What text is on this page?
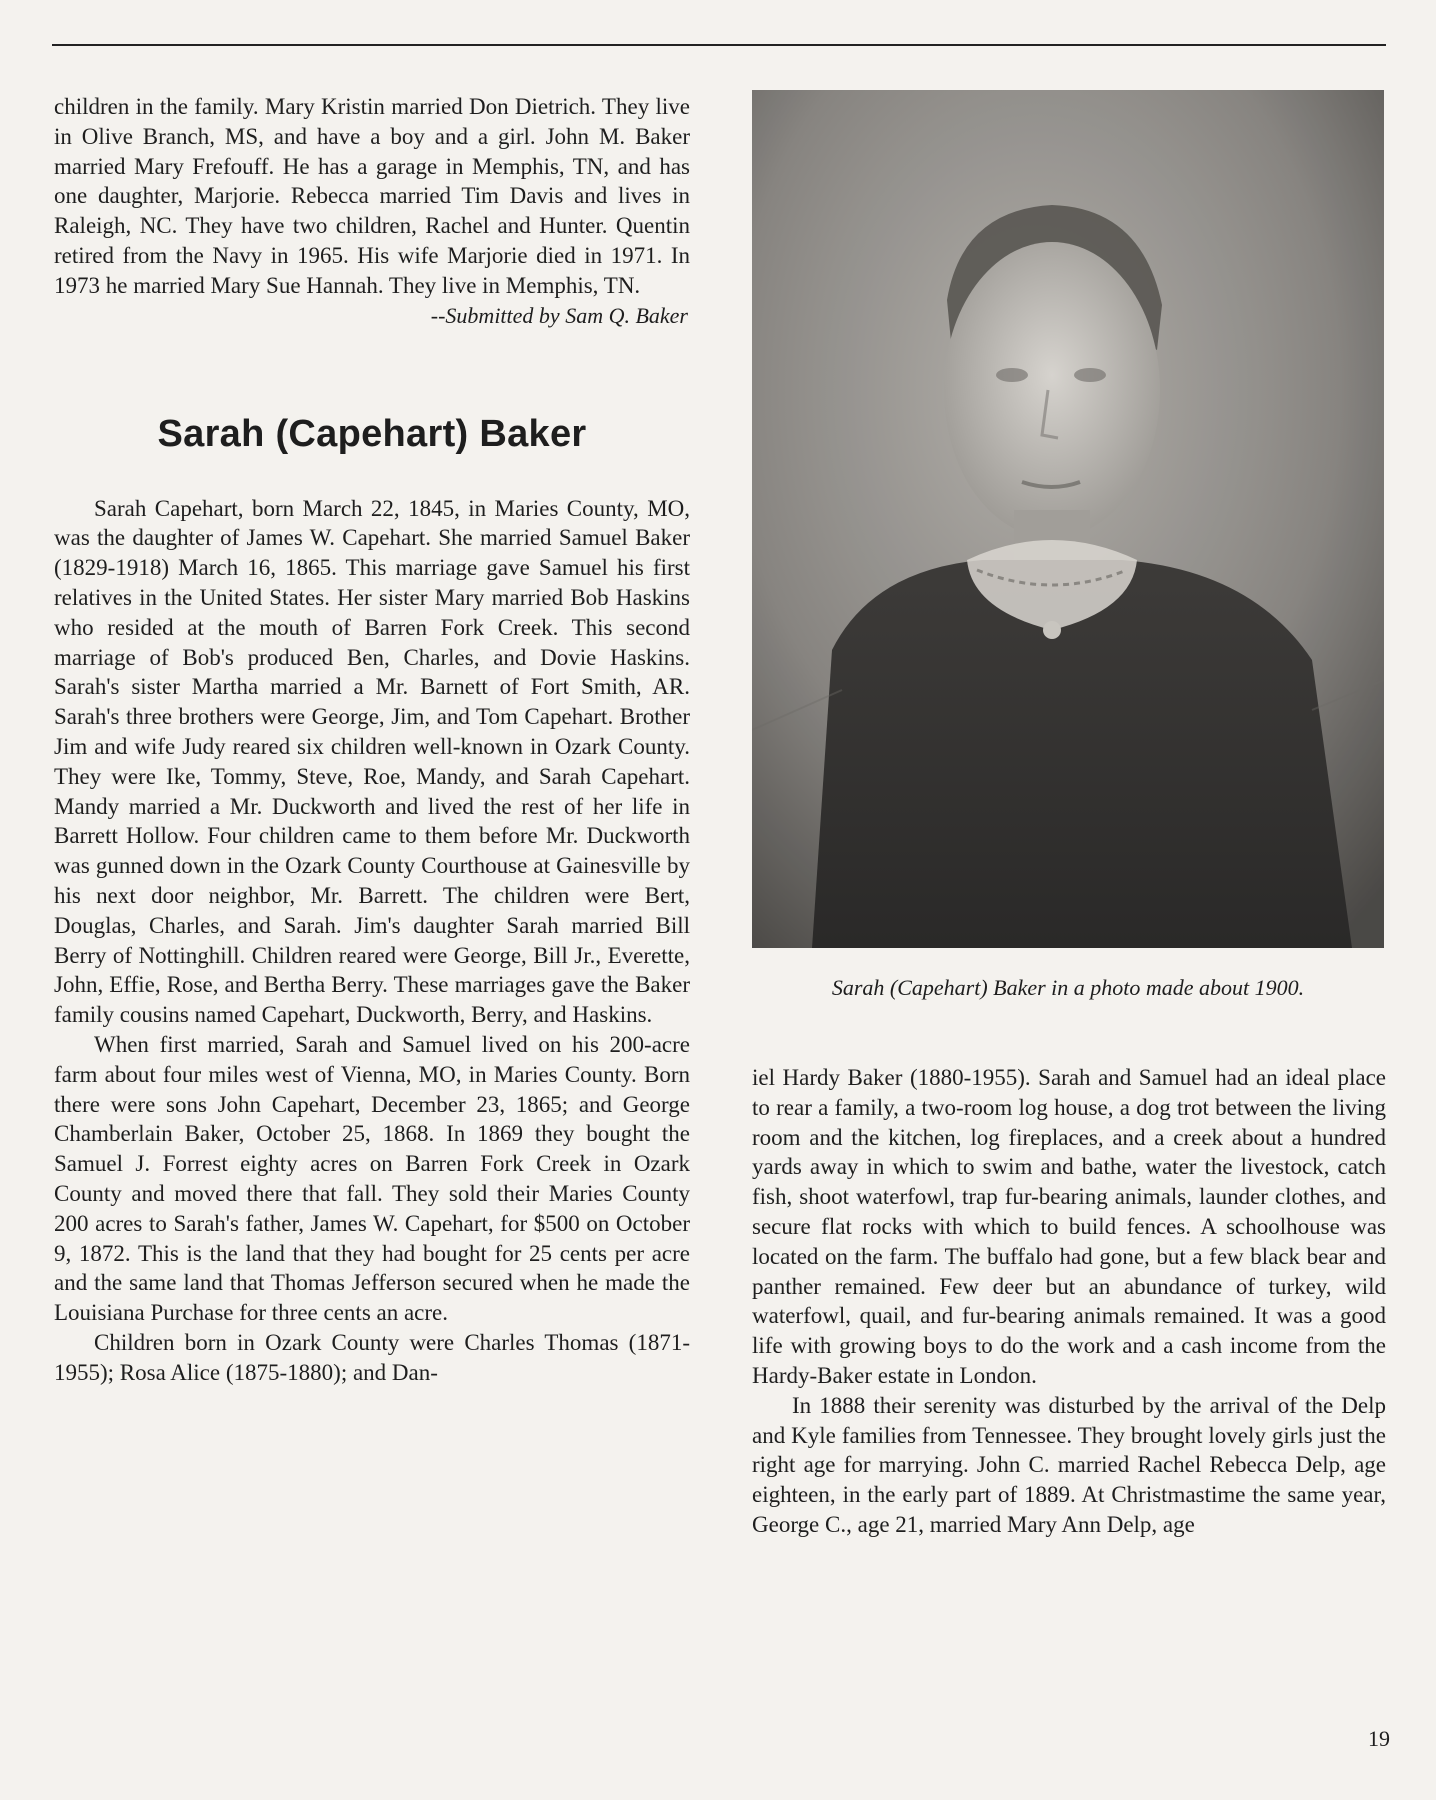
children in the family. Mary Kristin married Don Dietrich. They live in Olive Branch, MS, and have a boy and a girl. John M. Baker married Mary Frefouff. He has a garage in Memphis, TN, and has one daughter, Marjorie. Rebecca married Tim Davis and lives in Raleigh, NC. They have two children, Rachel and Hunter. Quentin retired from the Navy in 1965. His wife Marjorie died in 1971. In 1973 he married Mary Sue Hannah. They live in Memphis, TN.

--Submitted by Sam Q. Baker

Sarah (Capehart) Baker

Sarah Capehart, born March 22, 1845, in Maries County, MO, was the daughter of James W. Capehart. She married Samuel Baker (1829-1918) March 16, 1865. This marriage gave Samuel his first relatives in the United States. Her sister Mary married Bob Haskins who resided at the mouth of Barren Fork Creek. This second marriage of Bob's produced Ben, Charles, and Dovie Haskins. Sarah's sister Martha married a Mr. Barnett of Fort Smith, AR. Sarah's three brothers were George, Jim, and Tom Capehart. Brother Jim and wife Judy reared six children well-known in Ozark County. They were Ike, Tommy, Steve, Roe, Mandy, and Sarah Capehart. Mandy married a Mr. Duckworth and lived the rest of her life in Barrett Hollow. Four children came to them before Mr. Duckworth was gunned down in the Ozark County Courthouse at Gainesville by his next door neighbor, Mr. Barrett. The children were Bert, Douglas, Charles, and Sarah. Jim's daughter Sarah married Bill Berry of Nottinghill. Children reared were George, Bill Jr., Everette, John, Effie, Rose, and Bertha Berry. These marriages gave the Baker family cousins named Capehart, Duckworth, Berry, and Haskins.

When first married, Sarah and Samuel lived on his 200-acre farm about four miles west of Vienna, MO, in Maries County. Born there were sons John Capehart, December 23, 1865; and George Chamberlain Baker, October 25, 1868. In 1869 they bought the Samuel J. Forrest eighty acres on Barren Fork Creek in Ozark County and moved there that fall. They sold their Maries County 200 acres to Sarah's father, James W. Capehart, for $500 on October 9, 1872. This is the land that they had bought for 25 cents per acre and the same land that Thomas Jefferson secured when he made the Louisiana Purchase for three cents an acre.

Children born in Ozark County were Charles Thomas (1871-1955); Rosa Alice (1875-1880); and Dan-

Sarah (Capehart) Baker in a photo made about 1900.

iel Hardy Baker (1880-1955). Sarah and Samuel had an ideal place to rear a family, a two-room log house, a dog trot between the living room and the kitchen, log fireplaces, and a creek about a hundred yards away in which to swim and bathe, water the livestock, catch fish, shoot waterfowl, trap fur-bearing animals, launder clothes, and secure flat rocks with which to build fences. A schoolhouse was located on the farm. The buffalo had gone, but a few black bear and panther remained. Few deer but an abundance of turkey, wild waterfowl, quail, and fur-bearing animals remained. It was a good life with growing boys to do the work and a cash income from the Hardy-Baker estate in London.

In 1888 their serenity was disturbed by the arrival of the Delp and Kyle families from Tennessee. They brought lovely girls just the right age for marrying. John C. married Rachel Rebecca Delp, age eighteen, in the early part of 1889. At Christmastime the same year, George C., age 21, married Mary Ann Delp, age

19
